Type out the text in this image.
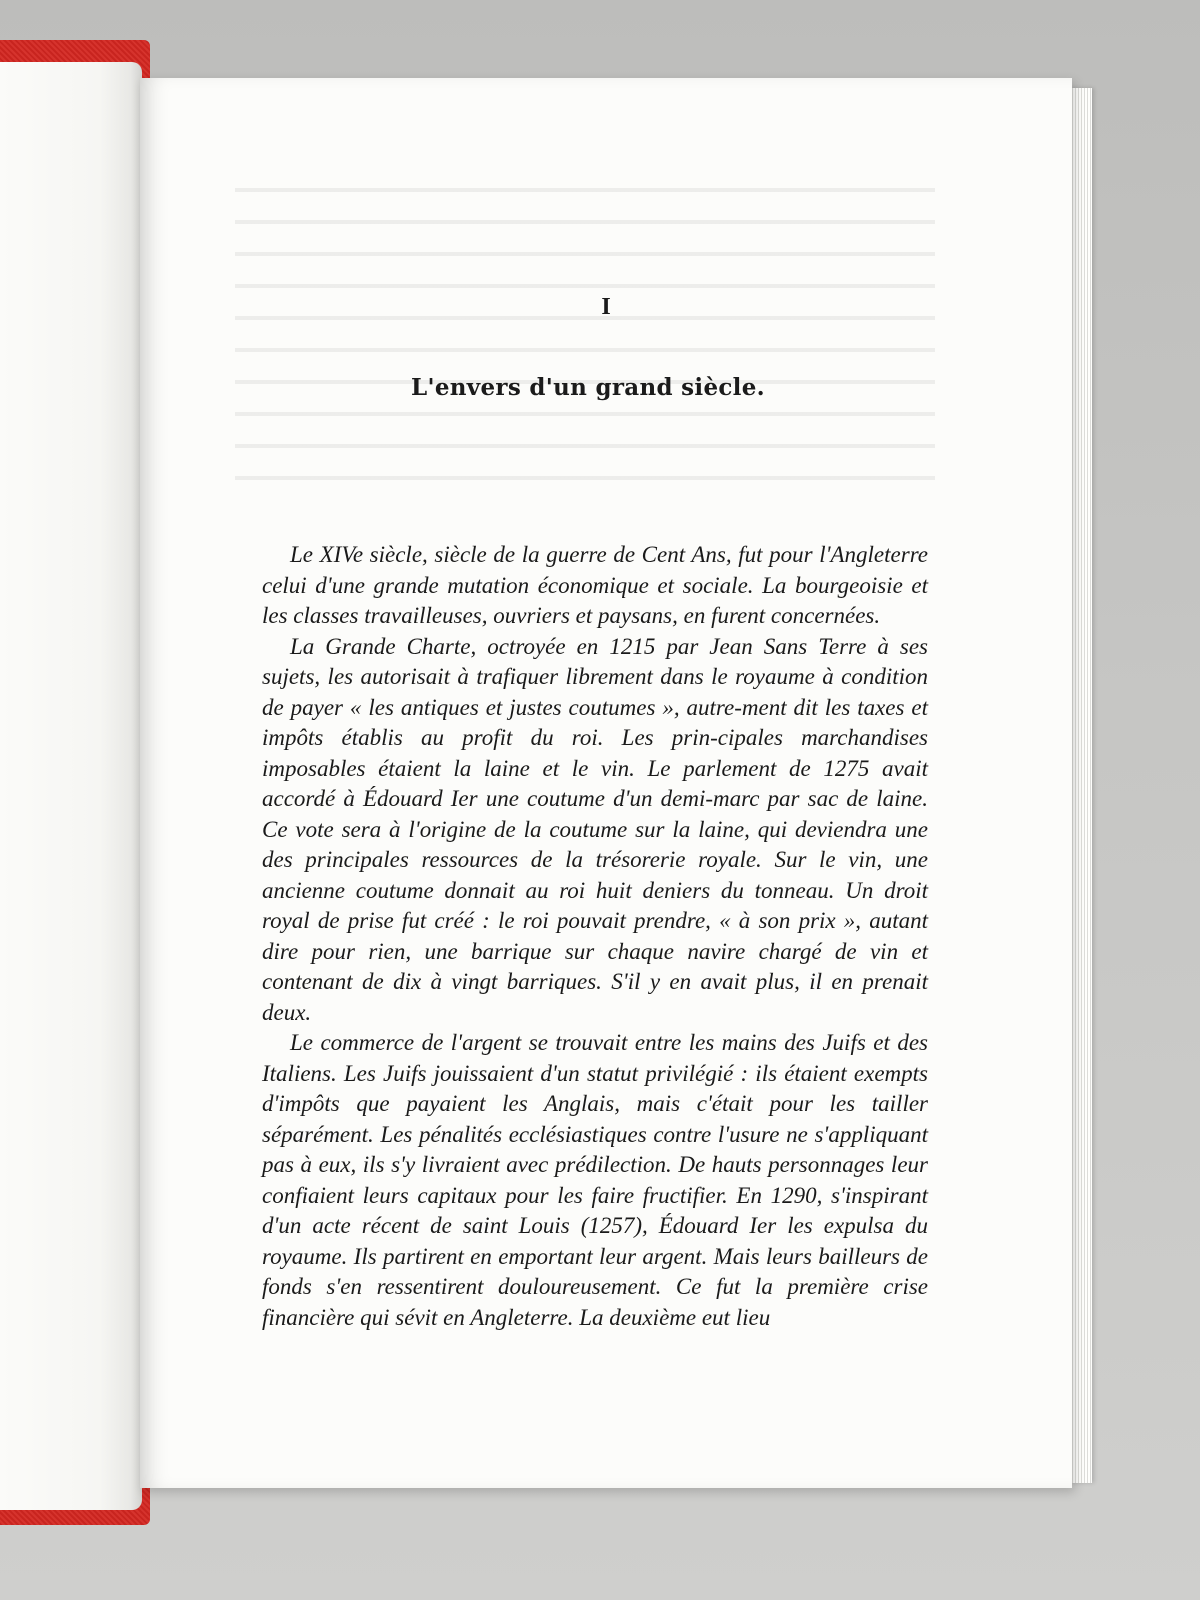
I
L'envers d'un grand siècle.

Le XIVe siècle, siècle de la guerre de Cent Ans, fut pour l'Angleterre celui d'une grande mutation économique et sociale. La bourgeoisie et les classes travailleuses, ouvriers et paysans, en furent concernées.

La Grande Charte, octroyée en 1215 par Jean Sans Terre à ses sujets, les autorisait à trafiquer librement dans le royaume à condition de payer « les antiques et justes coutumes », autre-ment dit les taxes et impôts établis au profit du roi. Les prin-cipales marchandises imposables étaient la laine et le vin. Le parlement de 1275 avait accordé à Édouard Ier une coutume d'un demi-marc par sac de laine. Ce vote sera à l'origine de la coutume sur la laine, qui deviendra une des principales ressources de la trésorerie royale. Sur le vin, une ancienne coutume donnait au roi huit deniers du tonneau. Un droit royal de prise fut créé : le roi pouvait prendre, « à son prix », autant dire pour rien, une barrique sur chaque navire chargé de vin et contenant de dix à vingt barriques. S'il y en avait plus, il en prenait deux.

Le commerce de l'argent se trouvait entre les mains des Juifs et des Italiens. Les Juifs jouissaient d'un statut privilégié : ils étaient exempts d'impôts que payaient les Anglais, mais c'était pour les tailler séparément. Les pénalités ecclésiastiques contre l'usure ne s'appliquant pas à eux, ils s'y livraient avec prédilection. De hauts personnages leur confiaient leurs capitaux pour les faire fructifier. En 1290, s'inspirant d'un acte récent de saint Louis (1257), Édouard Ier les expulsa du royaume. Ils partirent en emportant leur argent. Mais leurs bailleurs de fonds s'en ressentirent douloureusement. Ce fut la première crise financière qui sévit en Angleterre. La deuxième eut lieu
